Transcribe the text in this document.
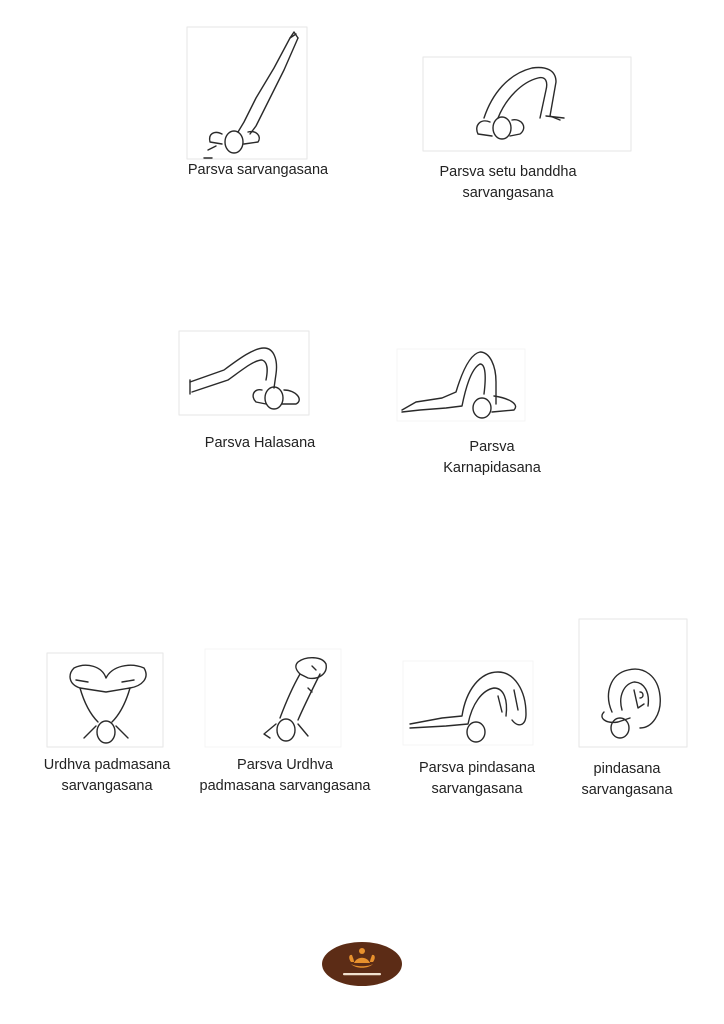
Parsva sarvangasana	Parsva setu banddha
sarvangasana
Parsva Halasana	Parsva
Karnapidasana
Urdhva padmasana
sarvangasana
Parsva Urdhva
padmasana sarvangasana
Parsva pindasana
sarvangasana
pindasana
sarvangasana
